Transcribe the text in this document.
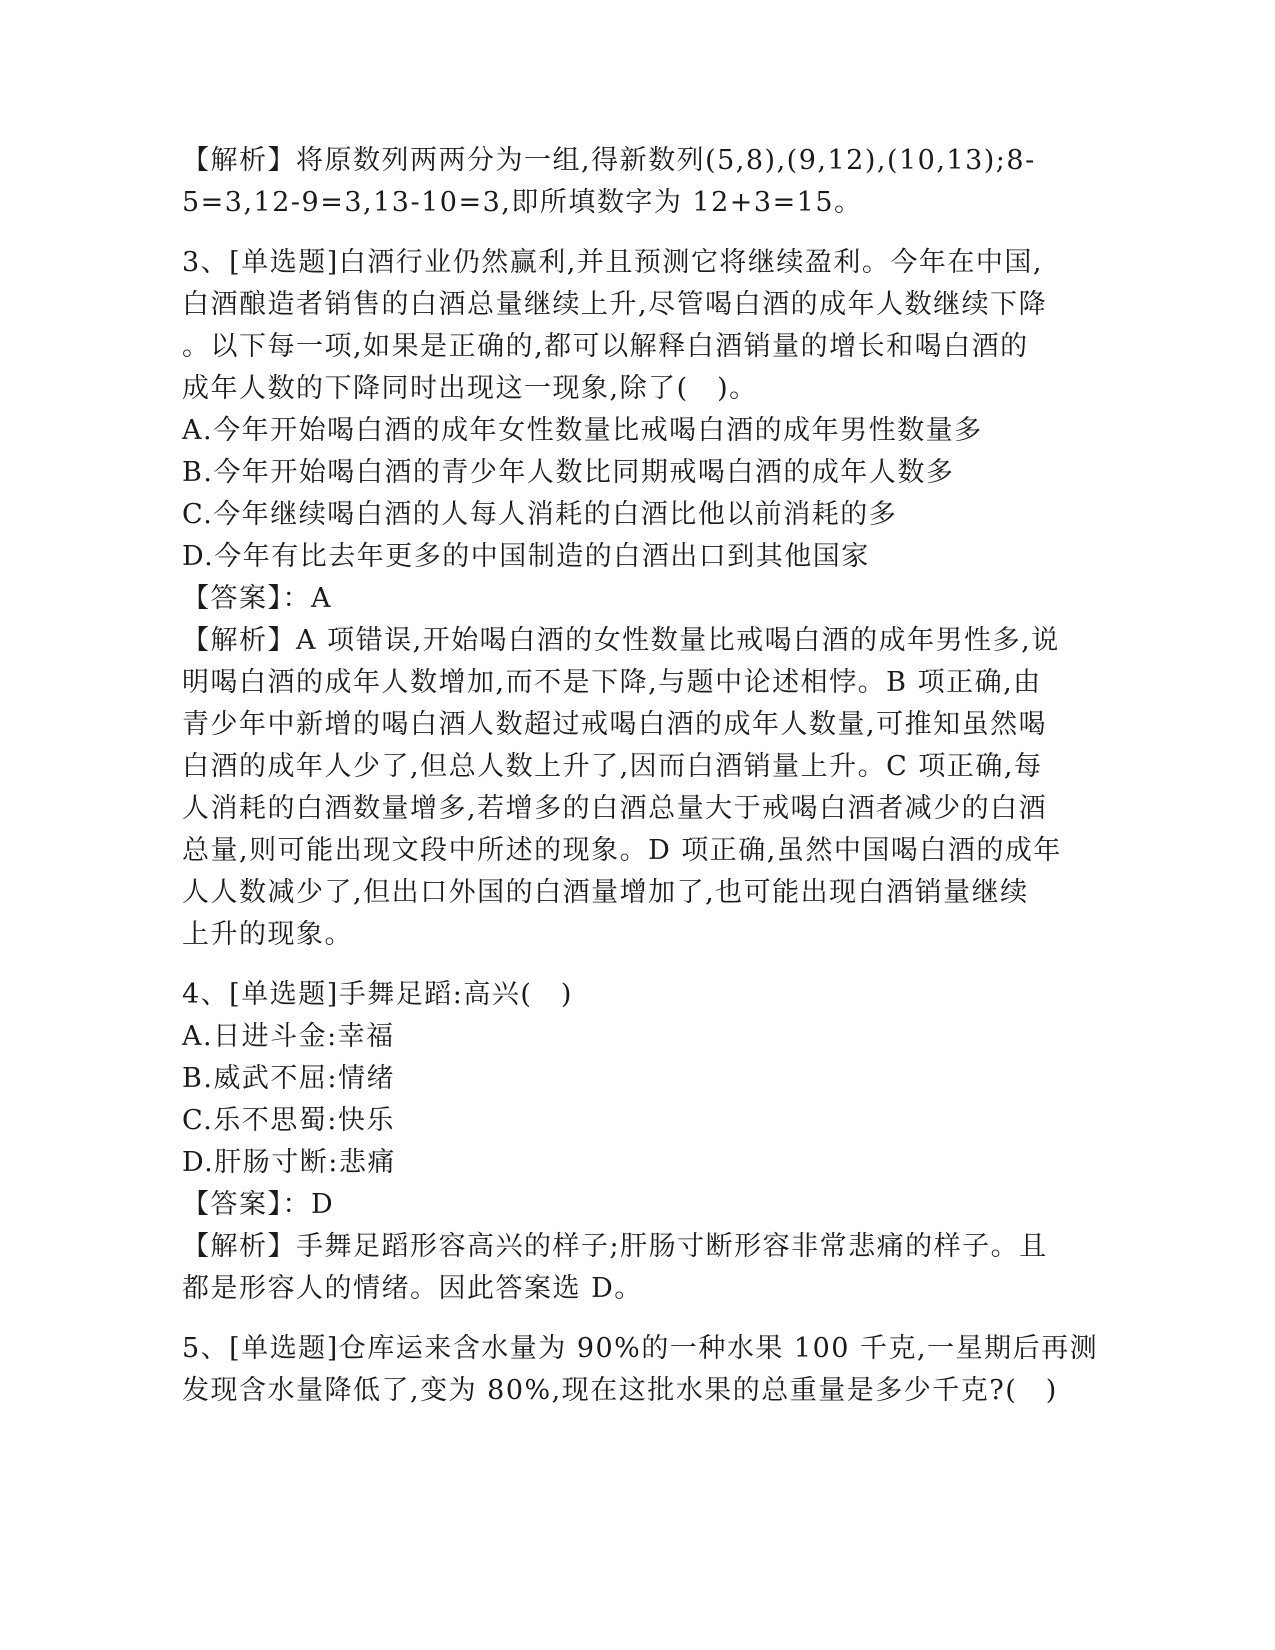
【解析】将原数列两两分为一组,得新数列(5,8),(9,12),(10,13);8-
5=3,12-9=3,13-10=3,即所填数字为 12+3=15。
3、[单选题]白酒行业仍然赢利,并且预测它将继续盈利。今年在中国,
白酒酿造者销售的白酒总量继续上升,尽管喝白酒的成年人数继续下降
。以下每一项,如果是正确的,都可以解释白酒销量的增长和喝白酒的
成年人数的下降同时出现这一现象,除了(　)。
A.今年开始喝白酒的成年女性数量比戒喝白酒的成年男性数量多
B.今年开始喝白酒的青少年人数比同期戒喝白酒的成年人数多
C.今年继续喝白酒的人每人消耗的白酒比他以前消耗的多
D.今年有比去年更多的中国制造的白酒出口到其他国家
【答案】：A
【解析】A 项错误,开始喝白酒的女性数量比戒喝白酒的成年男性多,说
明喝白酒的成年人数增加,而不是下降,与题中论述相悖。B 项正确,由
青少年中新增的喝白酒人数超过戒喝白酒的成年人数量,可推知虽然喝
白酒的成年人少了,但总人数上升了,因而白酒销量上升。C 项正确,每
人消耗的白酒数量增多,若增多的白酒总量大于戒喝白酒者减少的白酒
总量,则可能出现文段中所述的现象。D 项正确,虽然中国喝白酒的成年
人人数减少了,但出口外国的白酒量增加了,也可能出现白酒销量继续
上升的现象。
4、[单选题]手舞足蹈:高兴(　)
A.日进斗金:幸福
B.威武不屈:情绪
C.乐不思蜀:快乐
D.肝肠寸断:悲痛
【答案】：D
【解析】手舞足蹈形容高兴的样子;肝肠寸断形容非常悲痛的样子。且
都是形容人的情绪。因此答案选 D。
5、[单选题]仓库运来含水量为 90%的一种水果 100 千克,一星期后再测
发现含水量降低了,变为 80%,现在这批水果的总重量是多少千克?(　)
